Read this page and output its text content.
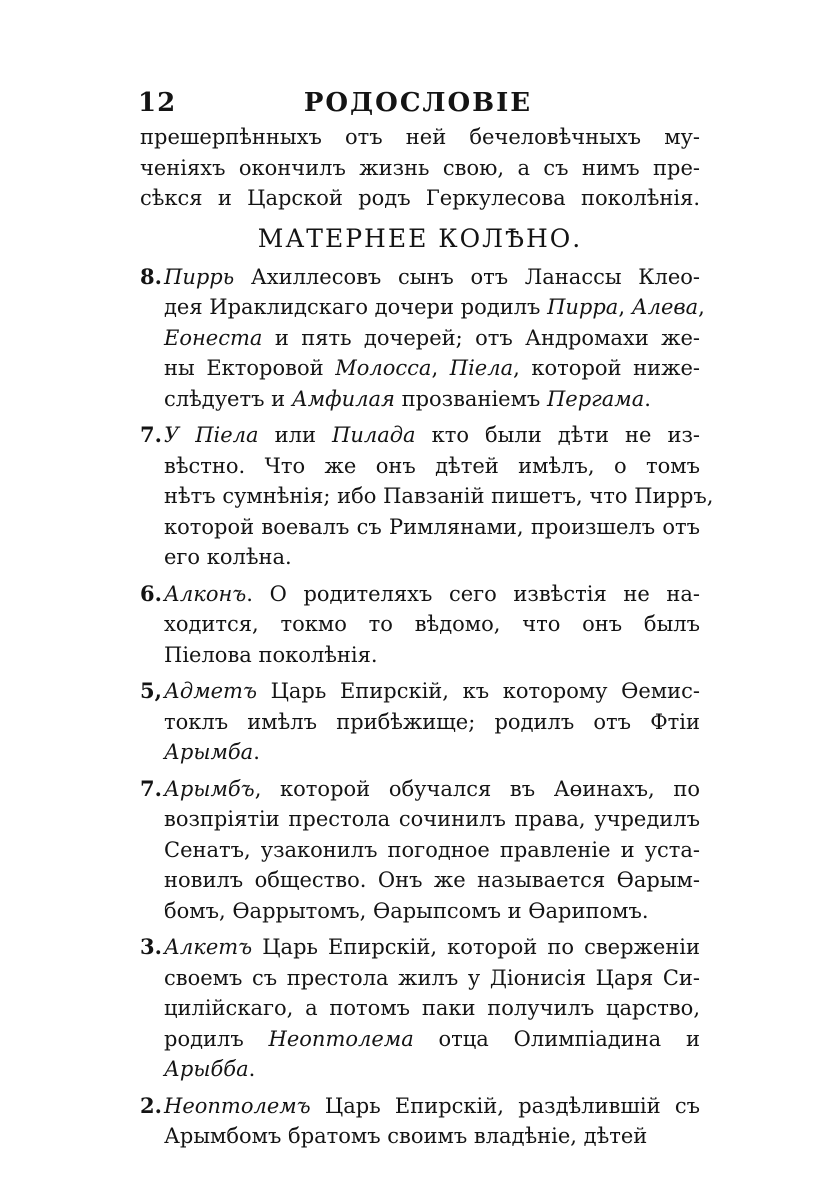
12	РОДОСЛОВІЕ
прешерпѣнныхъ отъ ней бечеловѣчныхъ му-
ченіяхъ окончилъ жизнь свою, а съ нимъ пре-
сѣкся и Царской родъ Геркулесова поколѣнія.
МАТЕРНЕЕ КОЛѢНО.
8.Пиррь Ахиллесовъ сынъ отъ Ланассы Клео-
дея Ираклидскаго дочери родилъ Пирра, Алева,
Еонеста и пять дочерей; отъ Андромахи же-
ны Екторовой Молосса, Піела, которой ниже-
слѣдуетъ и Амфилая прозваніемъ Пергама.
7.У Піела или Пилада кто были дѣти не из-
вѣстно. Что же онъ дѣтей имѣлъ, о томъ
нѣтъ сумнѣнія; ибо Павзаній пишетъ, что Пирръ,
которой воевалъ съ Римлянами, произшелъ отъ
его колѣна.
6.Алконъ. О родителяхъ сего извѣстія не на-
ходится, токмо то вѣдомо, что онъ былъ
Піелова поколѣнія.
5,Адметъ Царь Епирскій, къ которому Өемис-
токлъ имѣлъ прибѣжище; родилъ отъ Фтіи
Арымба.
7.Арымбъ, которой обучался въ Аөинахъ, по
возпріятіи престола сочинилъ права, учредилъ
Сенатъ, узаконилъ погодное правленіе и уста-
новилъ общество. Онъ же называется Өарым-
бомъ, Өаррытомъ, Өарыпсомъ и Өарипомъ.
3.Алкетъ Царь Епирскій, которой по сверженіи
своемъ съ престола жилъ у Діонисія Царя Си-
цилійскаго, а потомъ паки получилъ царство,
родилъ Неоптолема отца Олимпіадина и
Арыбба.
2.Неоптолемъ Царь Епирскій, раздѣлившій съ
Арымбомъ братомъ своимъ владѣніе, дѣтей
